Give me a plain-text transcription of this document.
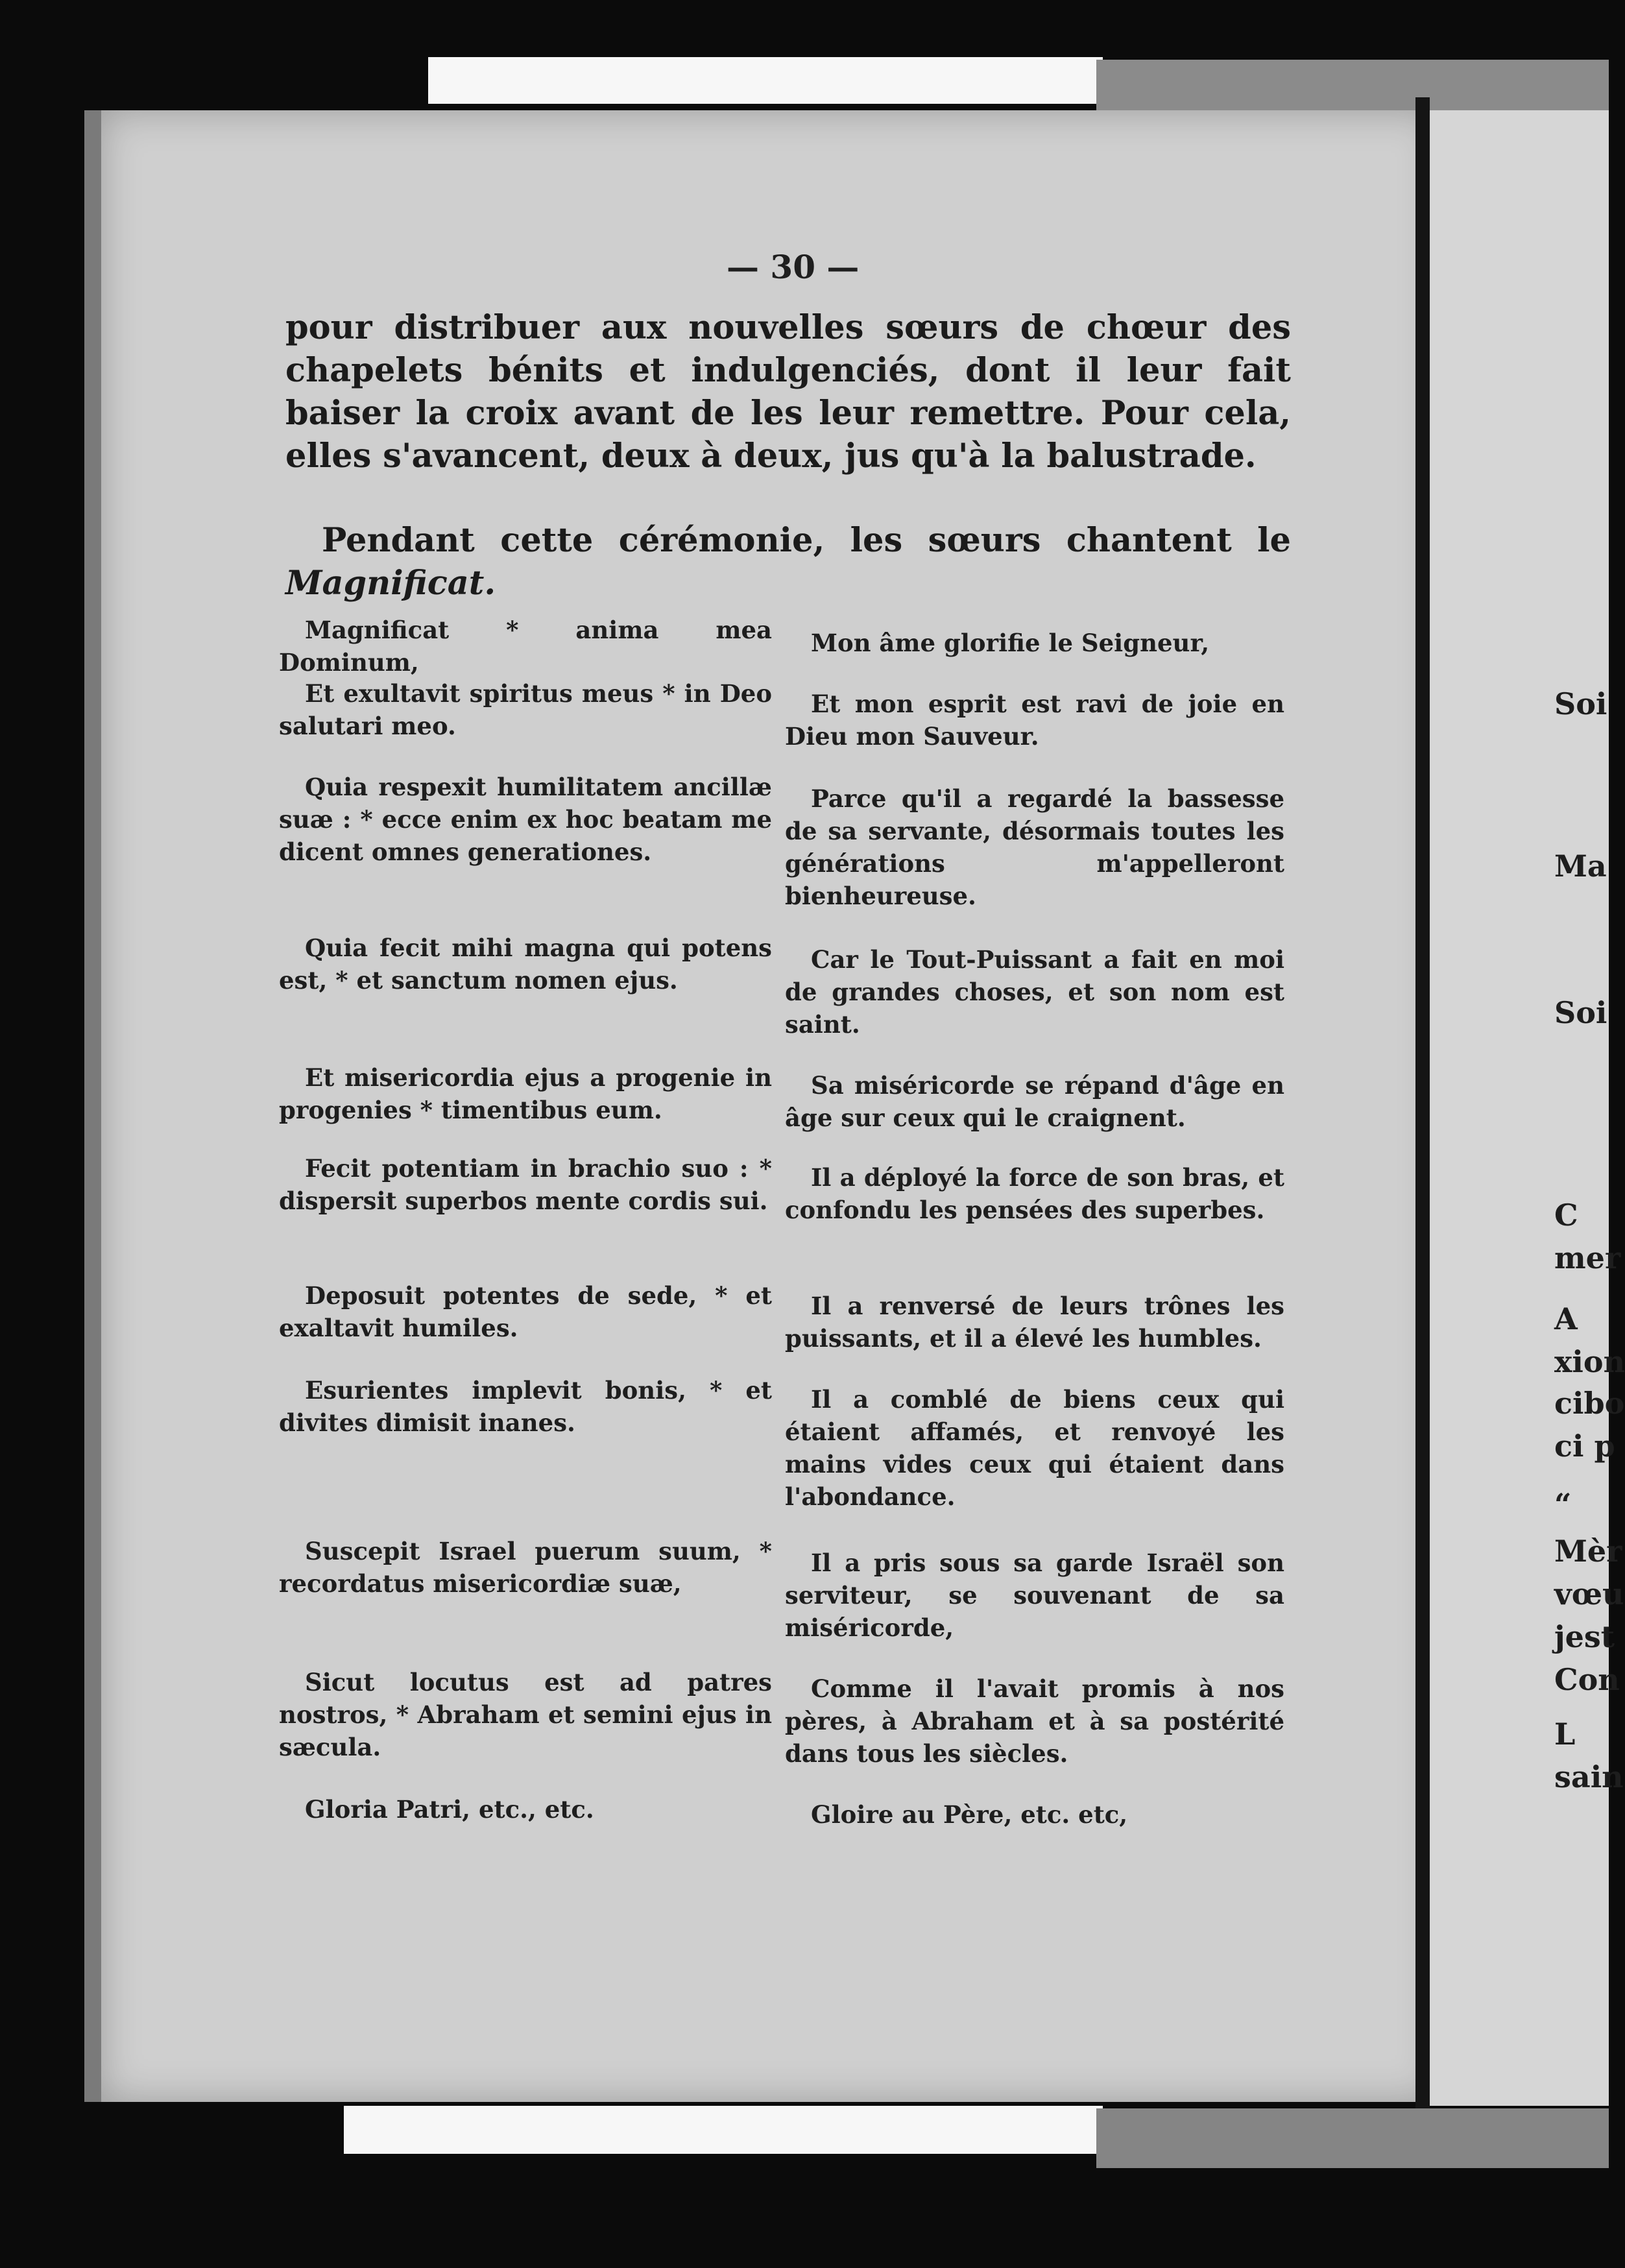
— 30 —
pour distribuer aux nouvelles sœurs de chœur des chapelets bénits et indulgenciés, dont il leur fait baiser la croix avant de les leur remettre. Pour cela, elles s'avancent, deux à deux, jus qu'à la balustrade.
Pendant cette cérémonie, les sœurs chantent le Magnificat.
Magnificat * anima mea Dominum,
Mon âme glorifie le Seigneur,
Et exultavit spiritus meus * in Deo salutari meo.
Et mon esprit est ravi de joie en Dieu mon Sauveur.
Quia respexit humilitatem ancillæ suæ : * ecce enim ex hoc beatam me dicent omnes generationes.
Parce qu'il a regardé la bassesse de sa servante, désormais toutes les générations m'appelleront bienheureuse.
Quia fecit mihi magna qui potens est, * et sanctum nomen ejus.
Car le Tout-Puissant a fait en moi de grandes choses, et son nom est saint.
Et misericordia ejus a progenie in progenies * timentibus eum.
Sa miséricorde se répand d'âge en âge sur ceux qui le craignent.
Fecit potentiam in brachio suo : * dispersit superbos mente cordis sui.
Il a déployé la force de son bras, et confondu les pensées des superbes.
Deposuit potentes de sede, * et exaltavit humiles.
Il a renversé de leurs trônes les puissants, et il a élevé les humbles.
Esurientes implevit bonis, * et divites dimisit inanes.
Il a comblé de biens ceux qui étaient affamés, et renvoyé les mains vides ceux qui étaient dans l'abondance.
Suscepit Israel puerum suum, * recordatus misericordiæ suæ,
Il a pris sous sa garde Israël son serviteur, se souvenant de sa miséricorde,
Sicut locutus est ad patres nostros, * Abraham et semini ejus in sæcula.
Comme il l'avait promis à nos pères, à Abraham et à sa postérité dans tous les siècles.
Gloria Patri, etc., etc.	Gloire au Père, etc. etc,
Soi
Ma
Soi
C
mer
A
xion
cibo
ci p
“
Mèr
vœu
jest
Con
L
sain
